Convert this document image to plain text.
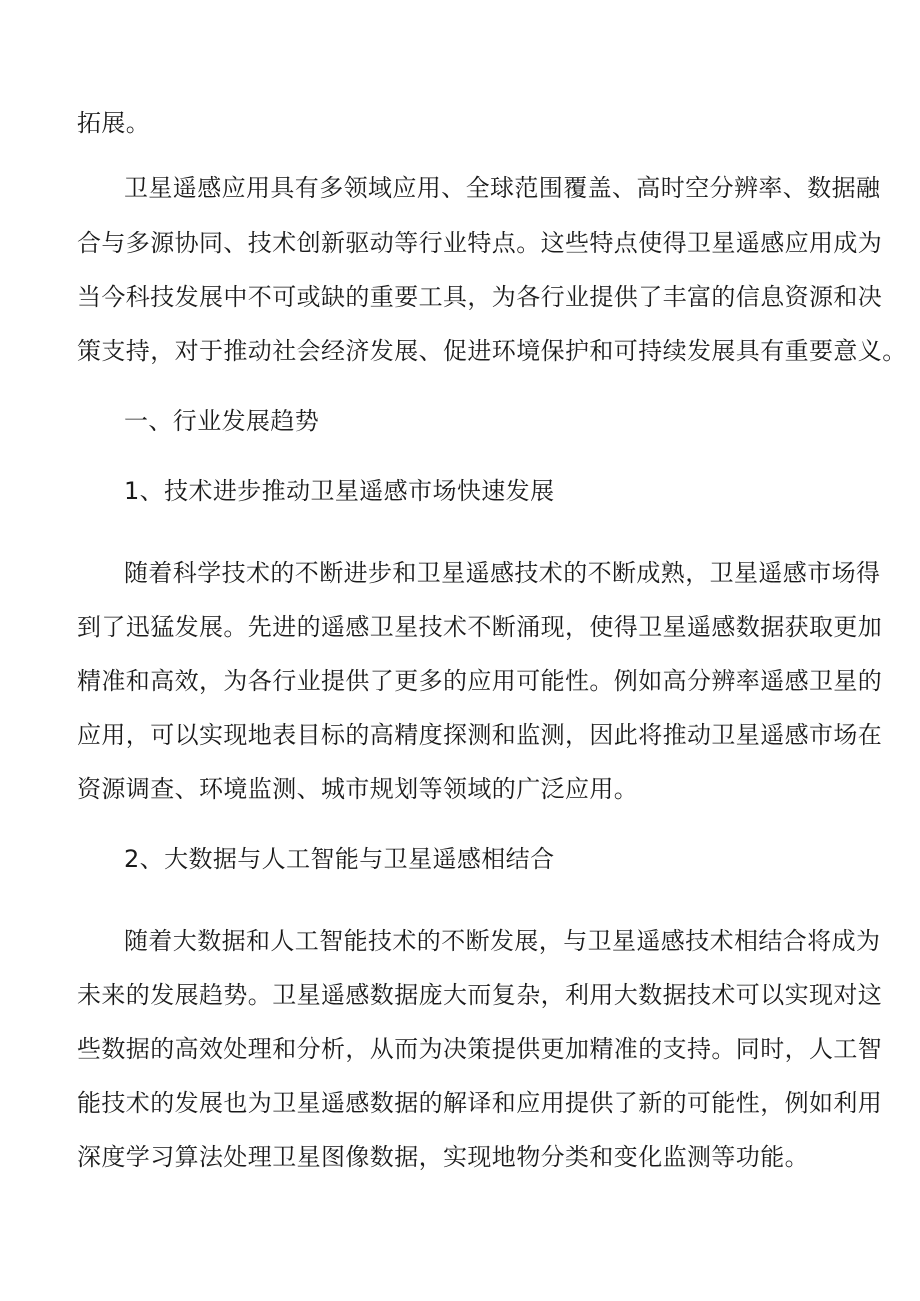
拓展。
卫星遥感应用具有多领域应用、全球范围覆盖、高时空分辨率、数据融
合与多源协同、技术创新驱动等行业特点。这些特点使得卫星遥感应用成为
当今科技发展中不可或缺的重要工具，为各行业提供了丰富的信息资源和决
策支持，对于推动社会经济发展、促进环境保护和可持续发展具有重要意义。
一、行业发展趋势
1、技术进步推动卫星遥感市场快速发展
随着科学技术的不断进步和卫星遥感技术的不断成熟，卫星遥感市场得
到了迅猛发展。先进的遥感卫星技术不断涌现，使得卫星遥感数据获取更加
精准和高效，为各行业提供了更多的应用可能性。例如高分辨率遥感卫星的
应用，可以实现地表目标的高精度探测和监测，因此将推动卫星遥感市场在
资源调查、环境监测、城市规划等领域的广泛应用。
2、大数据与人工智能与卫星遥感相结合
随着大数据和人工智能技术的不断发展，与卫星遥感技术相结合将成为
未来的发展趋势。卫星遥感数据庞大而复杂，利用大数据技术可以实现对这
些数据的高效处理和分析，从而为决策提供更加精准的支持。同时，人工智
能技术的发展也为卫星遥感数据的解译和应用提供了新的可能性，例如利用
深度学习算法处理卫星图像数据，实现地物分类和变化监测等功能。
